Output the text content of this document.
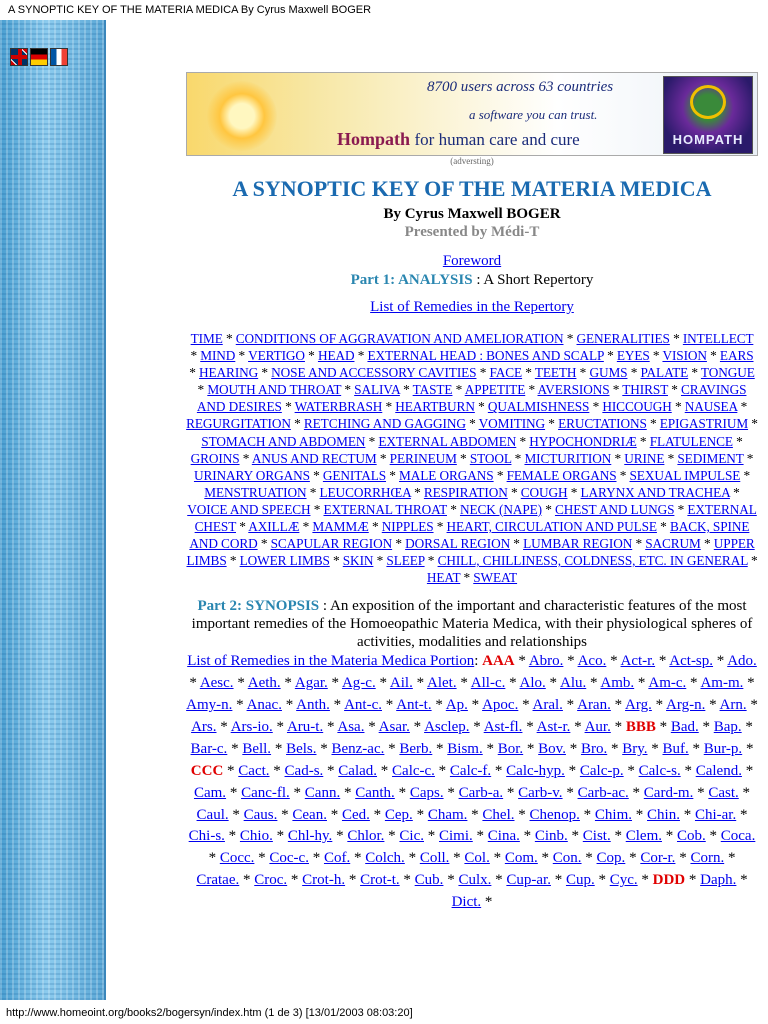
A SYNOPTIC KEY OF THE MATERIA MEDICA By Cyrus Maxwell BOGER
8700 users across 63 countries
a software you can trust.
Hompath for human care and cure	HOMPATH
(adversting)
A SYNOPTIC KEY OF THE MATERIA MEDICA
By Cyrus Maxwell BOGER
Presented by Médi-T
Foreword
Part 1: ANALYSIS : A Short Repertory
List of Remedies in the Repertory
TIME * CONDITIONS OF AGGRAVATION AND AMELIORATION * GENERALITIES * INTELLECT * MIND * VERTIGO * HEAD * EXTERNAL HEAD : BONES AND SCALP * EYES * VISION * EARS * HEARING * NOSE AND ACCESSORY CAVITIES * FACE * TEETH * GUMS * PALATE * TONGUE * MOUTH AND THROAT * SALIVA * TASTE * APPETITE * AVERSIONS * THIRST * CRAVINGS AND DESIRES * WATERBRASH * HEARTBURN * QUALMISHNESS * HICCOUGH * NAUSEA * REGURGITATION * RETCHING AND GAGGING * VOMITING * ERUCTATIONS * EPIGASTRIUM * STOMACH AND ABDOMEN * EXTERNAL ABDOMEN * HYPOCHONDRIÆ * FLATULENCE * GROINS * ANUS AND RECTUM * PERINEUM * STOOL * MICTURITION * URINE * SEDIMENT * URINARY ORGANS * GENITALS * MALE ORGANS * FEMALE ORGANS * SEXUAL IMPULSE * MENSTRUATION * LEUCORRHŒA * RESPIRATION * COUGH * LARYNX AND TRACHEA * VOICE AND SPEECH * EXTERNAL THROAT * NECK (NAPE) * CHEST AND LUNGS * EXTERNAL CHEST * AXILLÆ * MAMMÆ * NIPPLES * HEART, CIRCULATION AND PULSE * BACK, SPINE AND CORD * SCAPULAR REGION * DORSAL REGION * LUMBAR REGION * SACRUM * UPPER LIMBS * LOWER LIMBS * SKIN * SLEEP * CHILL, CHILLINESS, COLDNESS, ETC. IN GENERAL * HEAT * SWEAT
Part 2: SYNOPSIS : An exposition of the important and characteristic features of the most important remedies of the Homoeopathic Materia Medica, with their physiological spheres of activities, modalities and relationships
List of Remedies in the Materia Medica Portion: AAA * Abro. * Aco. * Act-r. * Act-sp. * Ado. * Aesc. * Aeth. * Agar. * Ag-c. * Ail. * Alet. * All-c. * Alo. * Alu. * Amb. * Am-c. * Am-m. * Amy-n. * Anac. * Anth. * Ant-c. * Ant-t. * Ap. * Apoc. * Aral. * Aran. * Arg. * Arg-n. * Arn. * Ars. * Ars-io. * Aru-t. * Asa. * Asar. * Asclep. * Ast-fl. * Ast-r. * Aur. * BBB * Bad. * Bap. * Bar-c. * Bell. * Bels. * Benz-ac. * Berb. * Bism. * Bor. * Bov. * Bro. * Bry. * Buf. * Bur-p. * CCC * Cact. * Cad-s. * Calad. * Calc-c. * Calc-f. * Calc-hyp. * Calc-p. * Calc-s. * Calend. * Cam. * Canc-fl. * Cann. * Canth. * Caps. * Carb-a. * Carb-v. * Carb-ac. * Card-m. * Cast. * Caul. * Caus. * Cean. * Ced. * Cep. * Cham. * Chel. * Chenop. * Chim. * Chin. * Chi-ar. * Chi-s. * Chio. * Chl-hy. * Chlor. * Cic. * Cimi. * Cina. * Cinb. * Cist. * Clem. * Cob. * Coca. * Cocc. * Coc-c. * Cof. * Colch. * Coll. * Col. * Com. * Con. * Cop. * Cor-r. * Corn. * Cratae. * Croc. * Crot-h. * Crot-t. * Cub. * Culx. * Cup-ar. * Cup. * Cyc. * DDD * Daph. * Dict. *
http://www.homeoint.org/books2/bogersyn/index.htm (1 de 3) [13/01/2003 08:03:20]
